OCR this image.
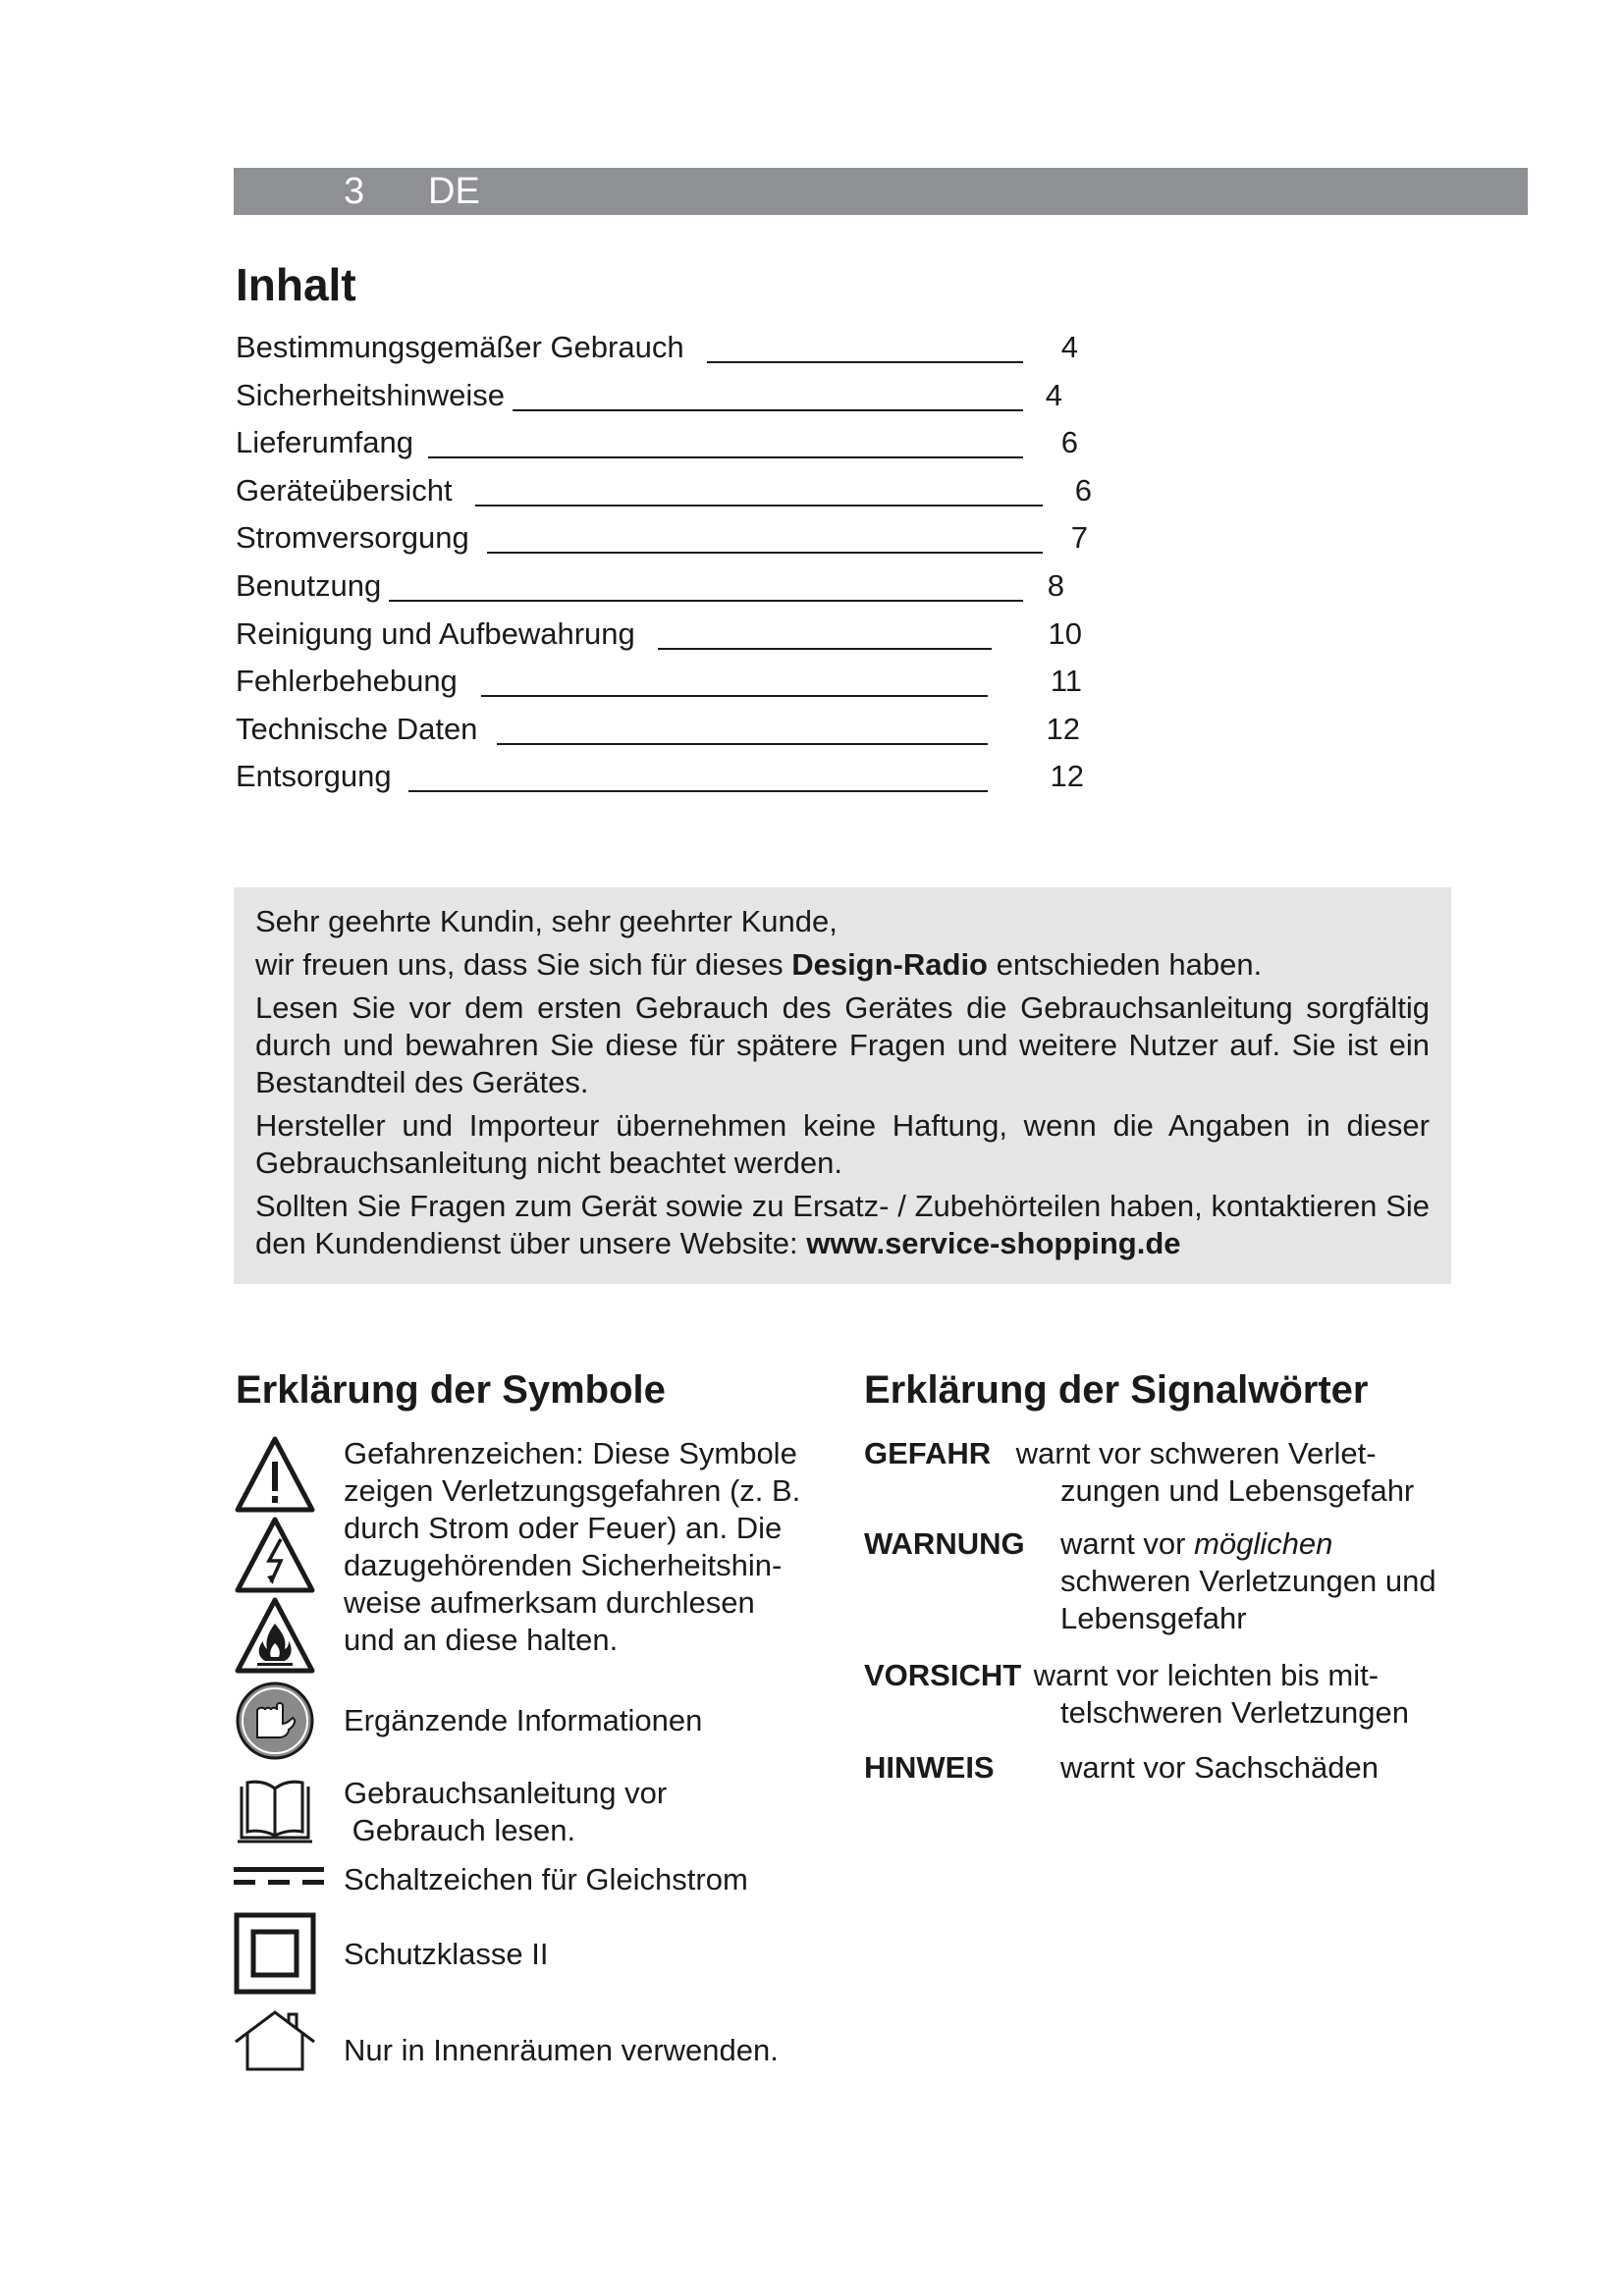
3 DE
Inhalt
Bestimmungsgemäßer Gebrauch	4
Sicherheitshinweise	4
Lieferumfang	6
Geräteübersicht	6
Stromversorgung	7
Benutzung	8
Reinigung und Aufbewahrung	10
Fehlerbehebung	11
Technische Daten	12
Entsorgung	12

Sehr geehrte Kundin, sehr geehrter Kunde,

wir freuen uns, dass Sie sich für dieses Design-Radio entschieden haben.

Lesen Sie vor dem ersten Gebrauch des Gerätes die Gebrauchsanleitung sorgfältig durch und bewahren Sie diese für spätere Fragen und weitere Nutzer auf. Sie ist ein Bestandteil des Gerätes.

Hersteller und Importeur übernehmen keine Haftung, wenn die Angaben in dieser Gebrauchsanleitung nicht beachtet werden.

Sollten Sie Fragen zum Gerät sowie zu Ersatz- / Zubehörteilen haben, kontaktieren Sie den Kundendienst über unsere Website: www.service-shopping.de

Erklärung der Symbole
Gefahrenzeichen: Diese Symbole
zeigen Verletzungsgefahren (z. B.
durch Strom oder Feuer) an. Die
dazugehörenden Sicherheitshin-
weise aufmerksam durchlesen
und an diese halten.
Ergänzende Informationen
Gebrauchsanleitung vor
Gebrauch lesen.
Schaltzeichen für Gleichstrom
Schutzklasse II
Nur in Innenräumen verwenden.
Erklärung der Signalwörter
GEFAHR warnt vor schweren Verlet-
zungen und Lebensgefahr
WARNUNG warnt vor möglichen
schweren Verletzungen und
Lebensgefahr
VORSICHT warnt vor leichten bis mit-
telschweren Verletzungen
HINWEIS warnt vor Sachschäden
